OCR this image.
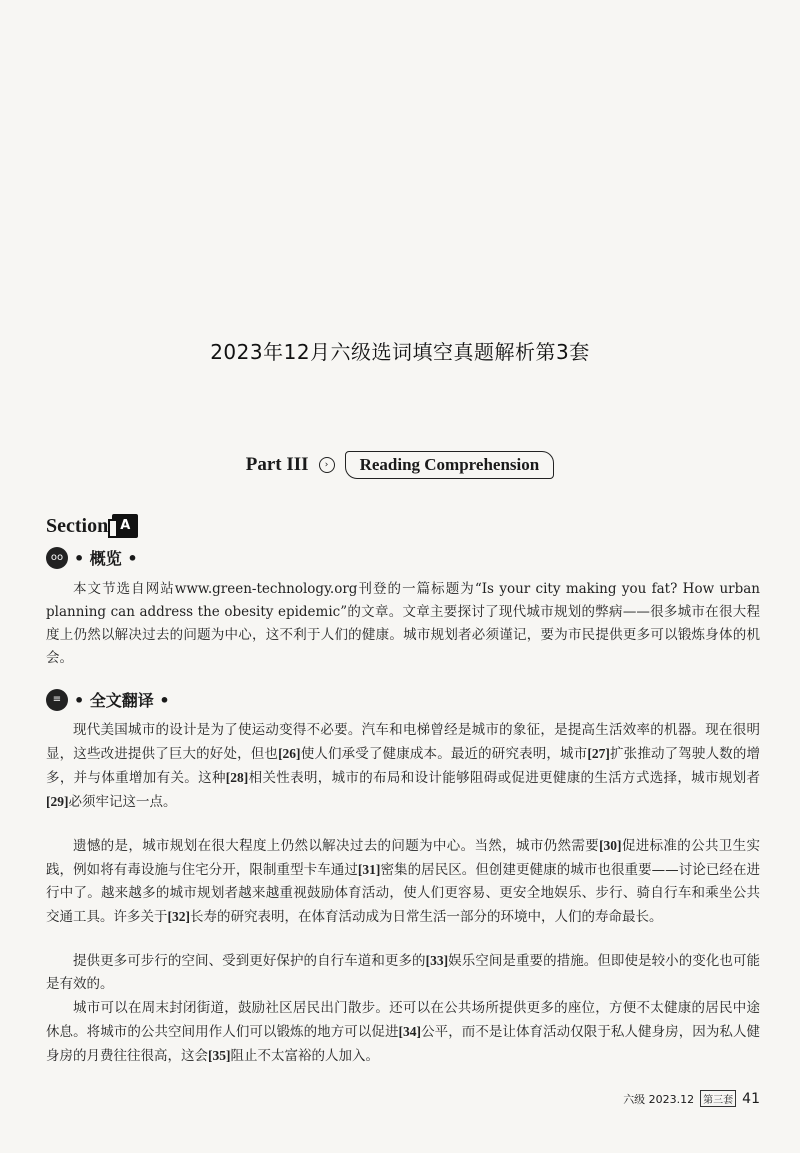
2023年12月六级选词填空真题解析第3套
Part III	›	Reading Comprehension
Section A
oo • 概览 •

本文节选自网站www.green-technology.org刊登的一篇标题为“Is your city making you fat? How urban planning can address the obesity epidemic”的文章。文章主要探讨了现代城市规划的弊病——很多城市在很大程度上仍然以解决过去的问题为中心，这不利于人们的健康。城市规划者必须谨记，要为市民提供更多可以锻炼身体的机会。

≡ • 全文翻译 •

现代美国城市的设计是为了使运动变得不必要。汽车和电梯曾经是城市的象征，是提高生活效率的机器。现在很明显，这些改进提供了巨大的好处，但也[26]使人们承受了健康成本。最近的研究表明，城市[27]扩张推动了驾驶人数的增多，并与体重增加有关。这种[28]相关性表明，城市的布局和设计能够阻碍或促进更健康的生活方式选择，城市规划者[29]必须牢记这一点。

遗憾的是，城市规划在很大程度上仍然以解决过去的问题为中心。当然，城市仍然需要[30]促进标准的公共卫生实践，例如将有毒设施与住宅分开，限制重型卡车通过[31]密集的居民区。但创建更健康的城市也很重要——讨论已经在进行中了。越来越多的城市规划者越来越重视鼓励体育活动，使人们更容易、更安全地娱乐、步行、骑自行车和乘坐公共交通工具。许多关于[32]长寿的研究表明，在体育活动成为日常生活一部分的环境中，人们的寿命最长。

提供更多可步行的空间、受到更好保护的自行车道和更多的[33]娱乐空间是重要的措施。但即使是较小的变化也可能是有效的。

城市可以在周末封闭街道，鼓励社区居民出门散步。还可以在公共场所提供更多的座位，方便不太健康的居民中途休息。将城市的公共空间用作人们可以锻炼的地方可以促进[34]公平，而不是让体育活动仅限于私人健身房，因为私人健身房的月费往往很高，这会[35]阻止不太富裕的人加入。

六级 2023.12 第三套 41
